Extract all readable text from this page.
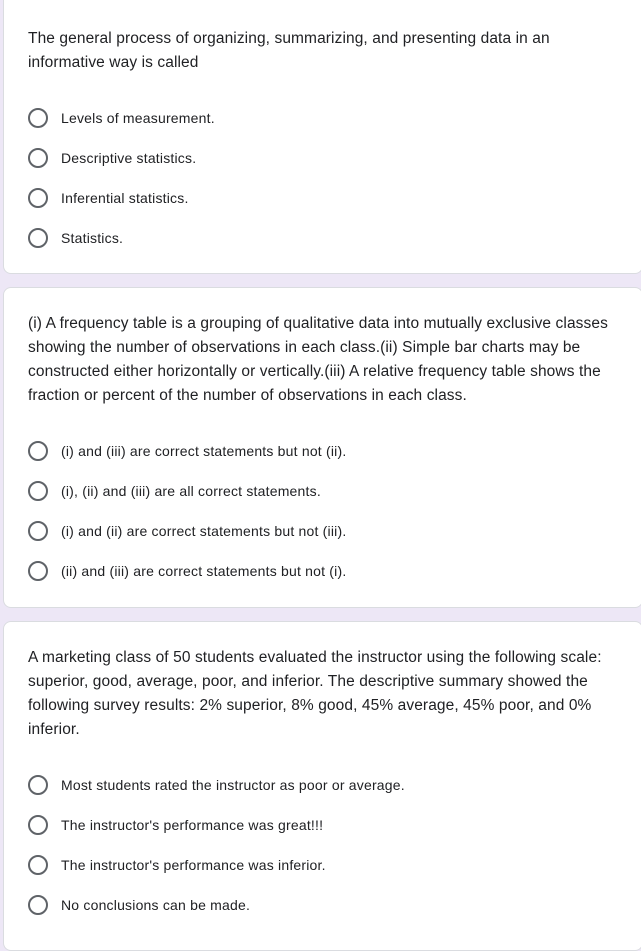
The general process of organizing, summarizing, and presenting data in an informative way is called

Levels of measurement.
Descriptive statistics.
Inferential statistics.
Statistics.

(i) A frequency table is a grouping of qualitative data into mutually exclusive classes showing the number of observations in each class.(ii) Simple bar charts may be constructed either horizontally or vertically.(iii) A relative frequency table shows the fraction or percent of the number of observations in each class.

(i) and (iii) are correct statements but not (ii).
(i), (ii) and (iii) are all correct statements.
(i) and (ii) are correct statements but not (iii).
(ii) and (iii) are correct statements but not (i).

A marketing class of 50 students evaluated the instructor using the following scale: superior, good, average, poor, and inferior. The descriptive summary showed the following survey results: 2% superior, 8% good, 45% average, 45% poor, and 0% inferior.

Most students rated the instructor as poor or average.
The instructor's performance was great!!!
The instructor's performance was inferior.
No conclusions can be made.
